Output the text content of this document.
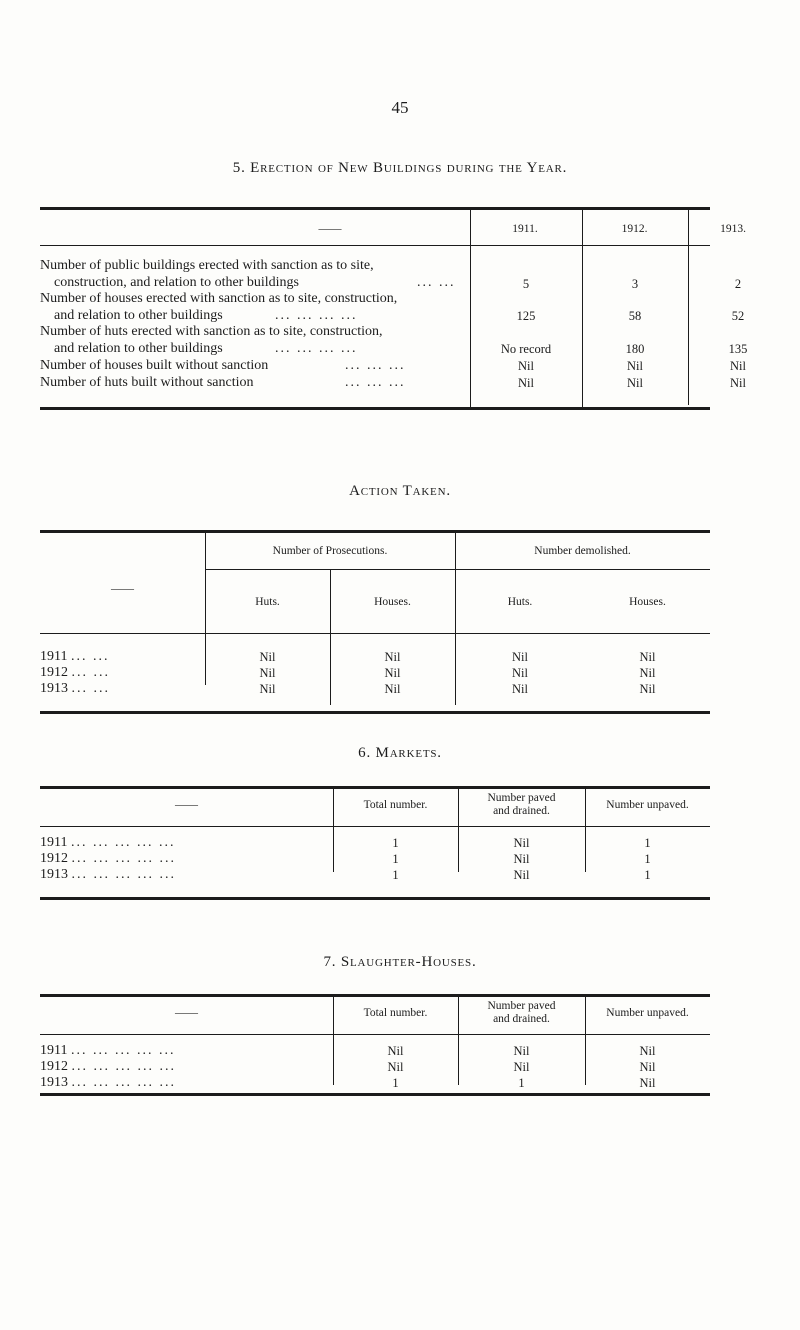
45
5. Erection of New Buildings during the Year.
——	1911.	1912.	1913.
Number of public buildings erected with sanction as to site,
construction, and relation to other buildings	... ...	5	3	2
Number of houses erected with sanction as to site, construction,
and relation to other buildings	... ... ... ...	125	58	52
Number of huts erected with sanction as to site, construction,
and relation to other buildings	... ... ... ...	No record	180	135
Number of houses built without sanction	... ... ...	Nil	Nil	Nil
Number of huts built without sanction	... ... ...	Nil	Nil	Nil
Action Taken.
——
Number of Prosecutions.	Number demolished.
Huts.	Houses.	Huts.	Houses.
1911 ... ...	Nil	Nil	Nil	Nil
1912 ... ...	Nil	Nil	Nil	Nil
1913 ... ...	Nil	Nil	Nil	Nil
6. Markets.
——	Total number.
Number paved
and drained.	Number unpaved.
1911 ... ... ... ... ...	1	Nil	1
1912 ... ... ... ... ...	1	Nil	1
1913 ... ... ... ... ...	1	Nil	1
7. Slaughter-Houses.
——	Total number.
Number paved
and drained.	Number unpaved.
1911 ... ... ... ... ...	Nil	Nil	Nil
1912 ... ... ... ... ...	Nil	Nil	Nil
1913 ... ... ... ... ...	1	1	Nil
